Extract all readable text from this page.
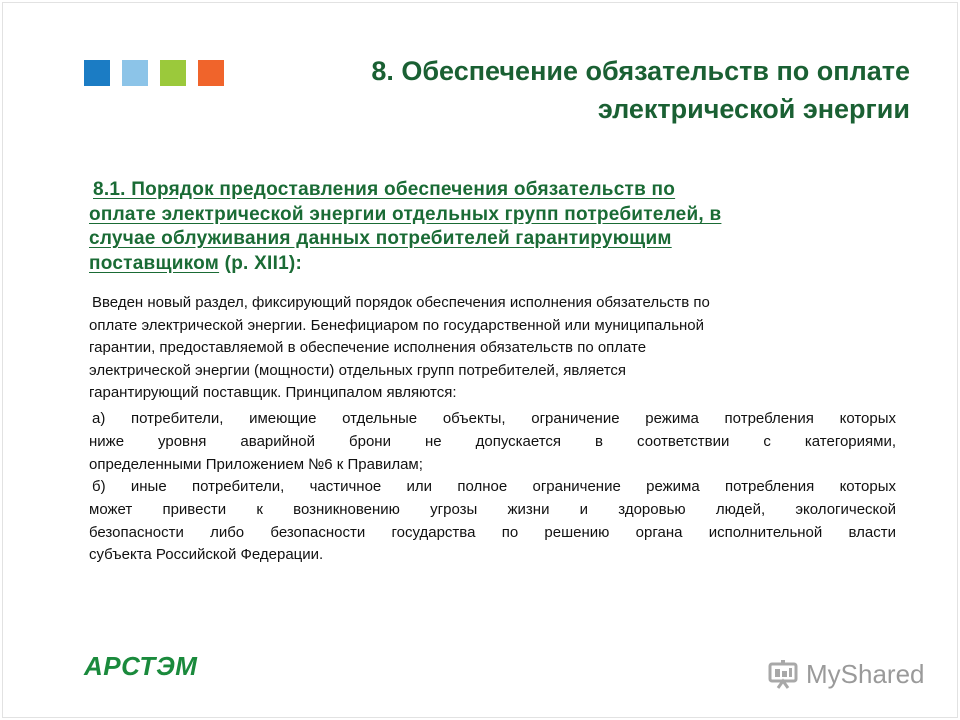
8. Обеспечение обязательств по оплате
электрической энергии
8.1. Порядок предоставления обеспечения обязательств по
оплате электрической энергии отдельных групп потребителей, в
случае облуживания данных потребителей гарантирующим
поставщиком (р. XII1):
Введен новый раздел, фиксирующий порядок обеспечения исполнения обязательств по
оплате электрической энергии. Бенефициаром по государственной или муниципальной
гарантии, предоставляемой в обеспечение исполнения обязательств по оплате
электрической энергии (мощности) отдельных групп потребителей, является
гарантирующий поставщик. Принципалом являются:
а) потребители, имеющие отдельные объекты, ограничение режима потребления которых
ниже уровня аварийной брони не допускается в соответствии с категориями,
определенными Приложением №6 к Правилам;
б) иные потребители, частичное или полное ограничение режима потребления которых
может привести к возникновению угрозы жизни и здоровью людей, экологической
безопасности либо безопасности государства по решению органа исполнительной власти
субъекта Российской Федерации.
АРСТЭМ	MyShared
